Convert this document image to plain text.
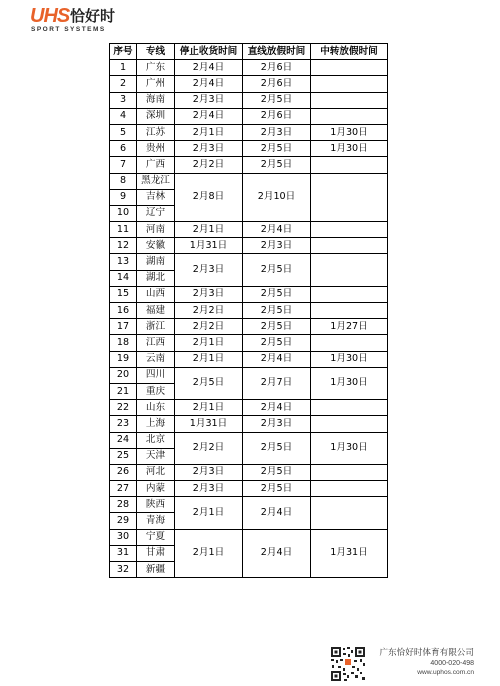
UHS 恰好时
SPORT SYSTEMS
序号	专线	停止收货时间	直线放假时间	中转放假时间
1	广东	2月4日	2月6日	
2	广州	2月4日	2月6日	
3	海南	2月3日	2月5日	
4	深圳	2月4日	2月6日	
5	江苏	2月1日	2月3日	1月30日
6	贵州	2月3日	2月5日	1月30日
7	广西	2月2日	2月5日	
8	黑龙江	2月8日	2月10日	
9	吉林			
10	辽宁			
11	河南	2月1日	2月4日	
12	安徽	1月31日	2月3日	
13	湖南	2月3日	2月5日	
14	湖北			
15	山西	2月3日	2月5日	
16	福建	2月2日	2月5日	
17	浙江	2月2日	2月5日	1月27日
18	江西	2月1日	2月5日	
19	云南	2月1日	2月4日	1月30日
20	四川	2月5日	2月7日	1月30日
21	重庆			
22	山东	2月1日	2月4日	
23	上海	1月31日	2月3日	
24	北京	2月2日	2月5日	1月30日
25	天津			
26	河北	2月3日	2月5日	
27	内蒙	2月3日	2月5日	
28	陕西	2月1日	2月4日	
29	青海			
30	宁夏	2月1日	2月4日	1月31日
31	甘肃			
32	新疆			
广东恰好时体育有限公司
4000-020-498
www.uphos.com.cn
